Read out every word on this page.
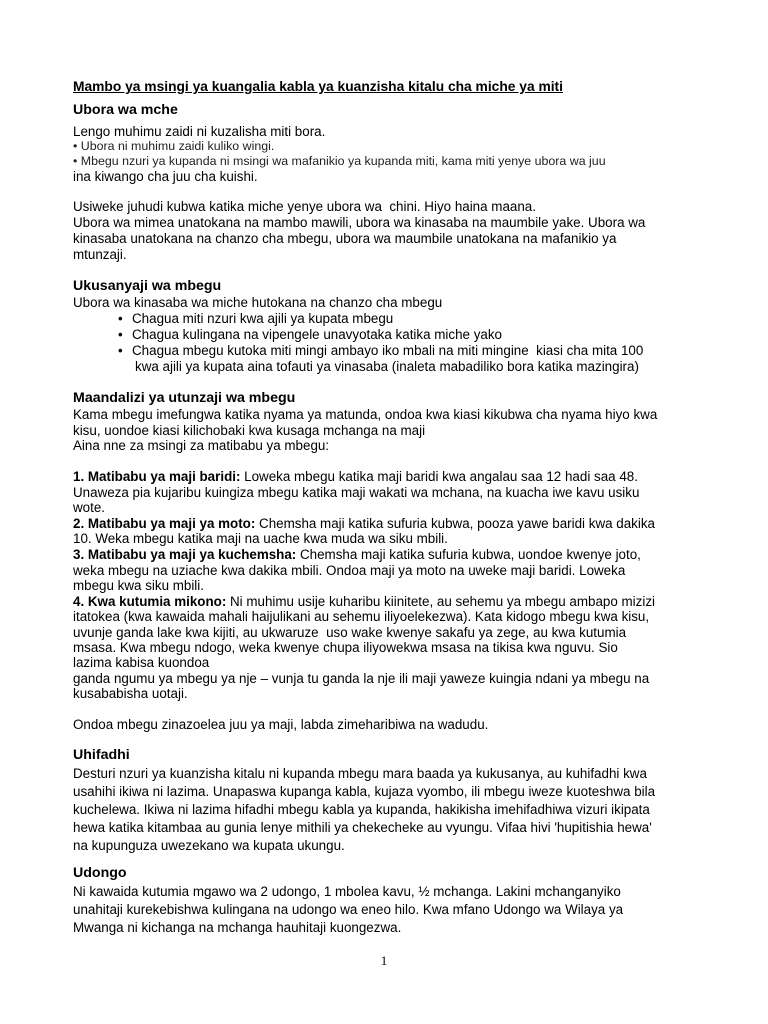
Mambo ya msingi ya kuangalia kabla ya kuanzisha kitalu cha miche ya miti
Ubora wa mche
Lengo muhimu zaidi ni kuzalisha miti bora.
• Ubora ni muhimu zaidi kuliko wingi.
• Mbegu nzuri ya kupanda ni msingi wa mafanikio ya kupanda miti, kama miti yenye ubora wa juu
ina kiwango cha juu cha kuishi.
Usiweke juhudi kubwa katika miche yenye ubora wa  chini. Hiyo haina maana.
Ubora wa mimea unatokana na mambo mawili, ubora wa kinasaba na maumbile yake. Ubora wa
kinasaba unatokana na chanzo cha mbegu, ubora wa maumbile unatokana na mafanikio ya
mtunzaji.
Ukusanyaji wa mbegu
Ubora wa kinasaba wa miche hutokana na chanzo cha mbegu
• Chagua miti nzuri kwa ajili ya kupata mbegu
• Chagua kulingana na vipengele unavyotaka katika miche yako
• Chagua mbegu kutoka miti mingi ambayo iko mbali na miti mingine  kiasi cha mita 100
kwa ajili ya kupata aina tofauti ya vinasaba (inaleta mabadiliko bora katika mazingira)
Maandalizi ya utunzaji wa mbegu
Kama mbegu imefungwa katika nyama ya matunda, ondoa kwa kiasi kikubwa cha nyama hiyo kwa
kisu, uondoe kiasi kilichobaki kwa kusaga mchanga na maji
Aina nne za msingi za matibabu ya mbegu:
1. Matibabu ya maji baridi: Loweka mbegu katika maji baridi kwa angalau saa 12 hadi saa 48.
Unaweza pia kujaribu kuingiza mbegu katika maji wakati wa mchana, na kuacha iwe kavu usiku
wote.
2. Matibabu ya maji ya moto: Chemsha maji katika sufuria kubwa, pooza yawe baridi kwa dakika
10. Weka mbegu katika maji na uache kwa muda wa siku mbili.
3. Matibabu ya maji ya kuchemsha: Chemsha maji katika sufuria kubwa, uondoe kwenye joto,
weka mbegu na uziache kwa dakika mbili. Ondoa maji ya moto na uweke maji baridi. Loweka
mbegu kwa siku mbili.
4. Kwa kutumia mikono: Ni muhimu usije kuharibu kiinitete, au sehemu ya mbegu ambapo mizizi
itatokea (kwa kawaida mahali haijulikani au sehemu iliyoelekezwa). Kata kidogo mbegu kwa kisu,
uvunje ganda lake kwa kijiti, au ukwaruze  uso wake kwenye sakafu ya zege, au kwa kutumia
msasa. Kwa mbegu ndogo, weka kwenye chupa iliyowekwa msasa na tikisa kwa nguvu. Sio
lazima kabisa kuondoa
ganda ngumu ya mbegu ya nje – vunja tu ganda la nje ili maji yaweze kuingia ndani ya mbegu na
kusababisha uotaji.
Ondoa mbegu zinazoelea juu ya maji, labda zimeharibiwa na wadudu.
Uhifadhi
Desturi nzuri ya kuanzisha kitalu ni kupanda mbegu mara baada ya kukusanya, au kuhifadhi kwa
usahihi ikiwa ni lazima. Unapaswa kupanga kabla, kujaza vyombo, ili mbegu iweze kuoteshwa bila
kuchelewa. Ikiwa ni lazima hifadhi mbegu kabla ya kupanda, hakikisha imehifadhiwa vizuri ikipata
hewa katika kitambaa au gunia lenye mithili ya chekecheke au vyungu. Vifaa hivi 'hupitishia hewa'
na kupunguza uwezekano wa kupata ukungu.
Udongo
Ni kawaida kutumia mgawo wa 2 udongo, 1 mbolea kavu, ½ mchanga. Lakini mchanganyiko
unahitaji kurekebishwa kulingana na udongo wa eneo hilo. Kwa mfano Udongo wa Wilaya ya
Mwanga ni kichanga na mchanga hauhitaji kuongezwa.
1
